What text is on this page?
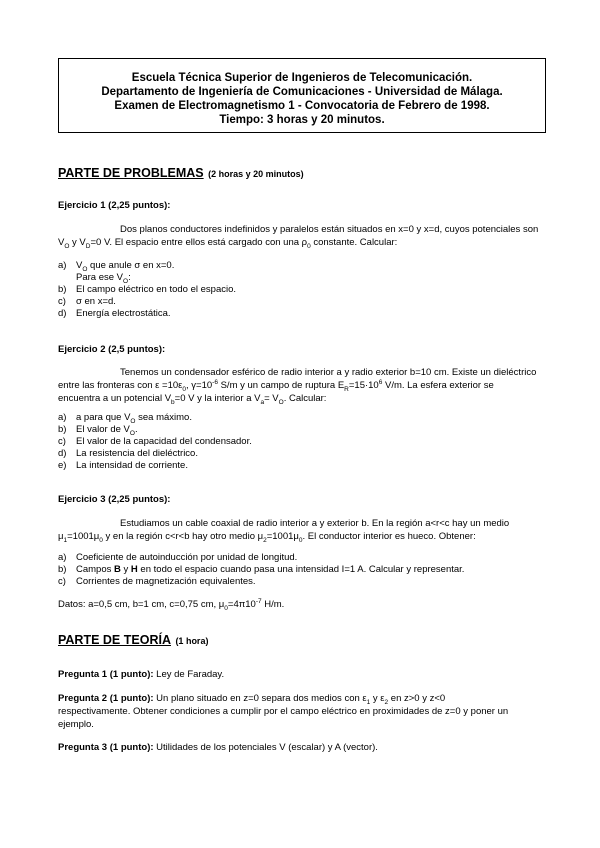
Escuela Técnica Superior de Ingenieros de Telecomunicación.
Departamento de Ingeniería de Comunicaciones - Universidad de Málaga.
Examen de Electromagnetismo 1 - Convocatoria de Febrero de 1998.
Tiempo: 3 horas y 20 minutos.
PARTE DE PROBLEMAS (2 horas y 20 minutos)
Ejercicio 1 (2,25 puntos):
Dos planos conductores indefinidos y paralelos están situados en x=0 y x=d, cuyos potenciales son
$V_O$ y $V_D=0$ V. El espacio entre ellos está cargado con una $\rho_0$ constante. Calcular:
a) $V_O$ que anule σ en x=0.
Para ese $V_O$:
b) El campo eléctrico en todo el espacio.
c) σ en x=d.
d) Energía electrostática.
Ejercicio 2 (2,5 puntos):
Tenemos un condensador esférico de radio interior a y radio exterior b=10 cm. Existe un dieléctrico
entre las fronteras con $\varepsilon =10\varepsilon_0$, $\gamma=10^{-6}$ S/m y un campo de ruptura $E_R=15\cdot 10^6$ V/m. La esfera exterior se
encuentra a un potencial $V_b=0$ V y la interior a $V_a= V_O$. Calcular:
a) a para que $V_O$ sea máximo.
b) El valor de $V_O$.
c) El valor de la capacidad del condensador.
d) La resistencia del dieléctrico.
e) La intensidad de corriente.
Ejercicio 3 (2,25 puntos):
Estudiamos un cable coaxial de radio interior a y exterior b. En la región a<r<c hay un medio
$\mu_1=1001\mu_0$ y en la región c<r<b hay otro medio $\mu_2=1001\mu_0$. El conductor interior es hueco. Obtener:
a) Coeficiente de autoinducción por unidad de longitud.
b) Campos B y H en todo el espacio cuando pasa una intensidad I=1 A. Calcular y representar.
c) Corrientes de magnetización equivalentes.
Datos: a=0,5 cm, b=1 cm, c=0,75 cm, $\mu_0=4\pi 10^{-7}$ H/m.
PARTE DE TEORÍA (1 hora)
Pregunta 1 (1 punto): Ley de Faraday.
Pregunta 2 (1 punto): Un plano situado en z=0 separa dos medios con $\varepsilon_1$ y $\varepsilon_2$ en z>0 y z<0
respectivamente. Obtener condiciones a cumplir por el campo eléctrico en proximidades de z=0 y poner un
ejemplo.
Pregunta 3 (1 punto): Utilidades de los potenciales V (escalar) y A (vector).
